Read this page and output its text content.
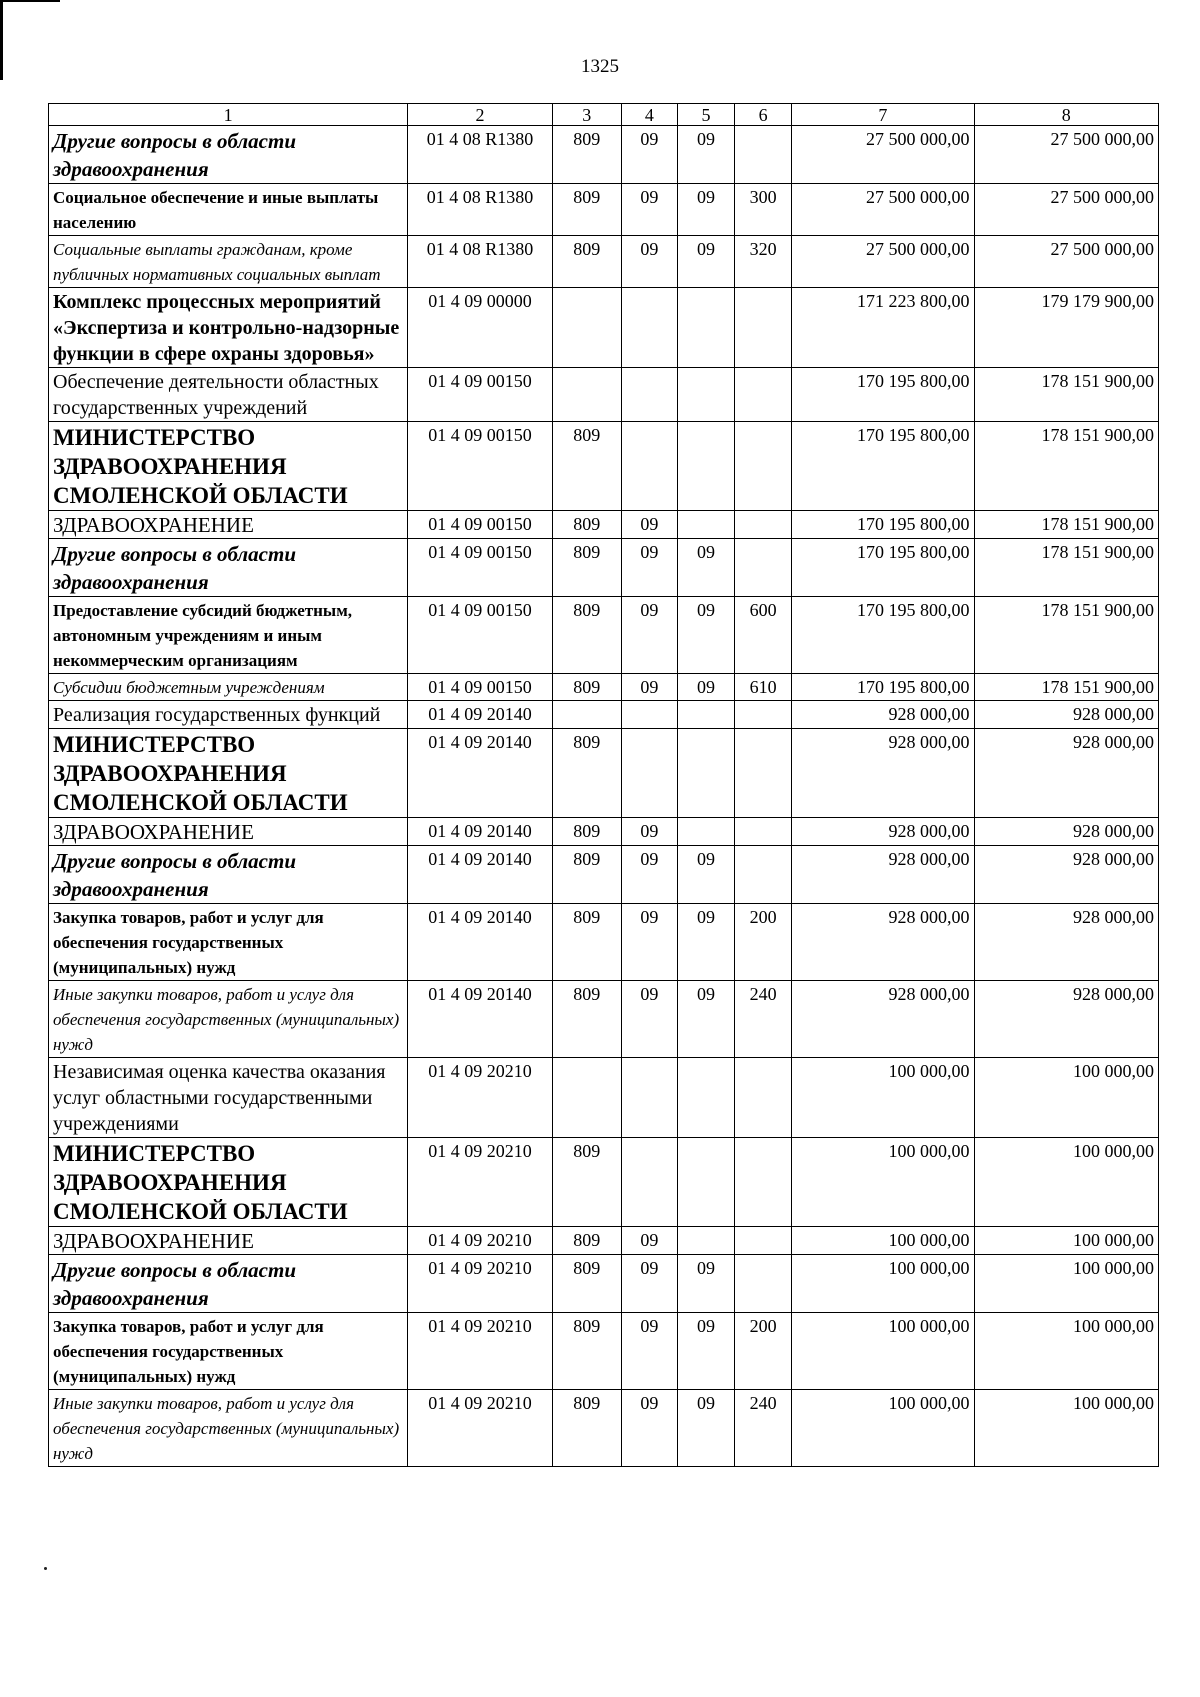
1325
1	2	3	4	5	6	7	8
Другие вопросы в области здравоохранения	01 4 08 R1380	809	09	09		27 500 000,00	27 500 000,00
Социальное обеспечение и иные выплаты населению	01 4 08 R1380	809	09	09	300	27 500 000,00	27 500 000,00
Социальные выплаты гражданам, кроме публичных нормативных социальных выплат	01 4 08 R1380	809	09	09	320	27 500 000,00	27 500 000,00
Комплекс процессных мероприятий «Экспертиза и контрольно-надзорные функции в сфере охраны здоровья»	01 4 09 00000					171 223 800,00	179 179 900,00
Обеспечение деятельности областных государственных учреждений	01 4 09 00150					170 195 800,00	178 151 900,00
МИНИСТЕРСТВО ЗДРАВООХРАНЕНИЯ СМОЛЕНСКОЙ ОБЛАСТИ	01 4 09 00150	809				170 195 800,00	178 151 900,00
ЗДРАВООХРАНЕНИЕ	01 4 09 00150	809	09			170 195 800,00	178 151 900,00
Другие вопросы в области здравоохранения	01 4 09 00150	809	09	09		170 195 800,00	178 151 900,00
Предоставление субсидий бюджетным, автономным учреждениям и иным некоммерческим организациям	01 4 09 00150	809	09	09	600	170 195 800,00	178 151 900,00
Субсидии бюджетным учреждениям	01 4 09 00150	809	09	09	610	170 195 800,00	178 151 900,00
Реализация государственных функций	01 4 09 20140					928 000,00	928 000,00
МИНИСТЕРСТВО ЗДРАВООХРАНЕНИЯ СМОЛЕНСКОЙ ОБЛАСТИ	01 4 09 20140	809				928 000,00	928 000,00
ЗДРАВООХРАНЕНИЕ	01 4 09 20140	809	09			928 000,00	928 000,00
Другие вопросы в области здравоохранения	01 4 09 20140	809	09	09		928 000,00	928 000,00
Закупка товаров, работ и услуг для обеспечения государственных (муниципальных) нужд	01 4 09 20140	809	09	09	200	928 000,00	928 000,00
Иные закупки товаров, работ и услуг для обеспечения государственных (муниципальных) нужд	01 4 09 20140	809	09	09	240	928 000,00	928 000,00
Независимая оценка качества оказания услуг областными государственными учреждениями	01 4 09 20210					100 000,00	100 000,00
МИНИСТЕРСТВО ЗДРАВООХРАНЕНИЯ СМОЛЕНСКОЙ ОБЛАСТИ	01 4 09 20210	809				100 000,00	100 000,00
ЗДРАВООХРАНЕНИЕ	01 4 09 20210	809	09			100 000,00	100 000,00
Другие вопросы в области здравоохранения	01 4 09 20210	809	09	09		100 000,00	100 000,00
Закупка товаров, работ и услуг для обеспечения государственных (муниципальных) нужд	01 4 09 20210	809	09	09	200	100 000,00	100 000,00
Иные закупки товаров, работ и услуг для обеспечения государственных (муниципальных) нужд	01 4 09 20210	809	09	09	240	100 000,00	100 000,00
